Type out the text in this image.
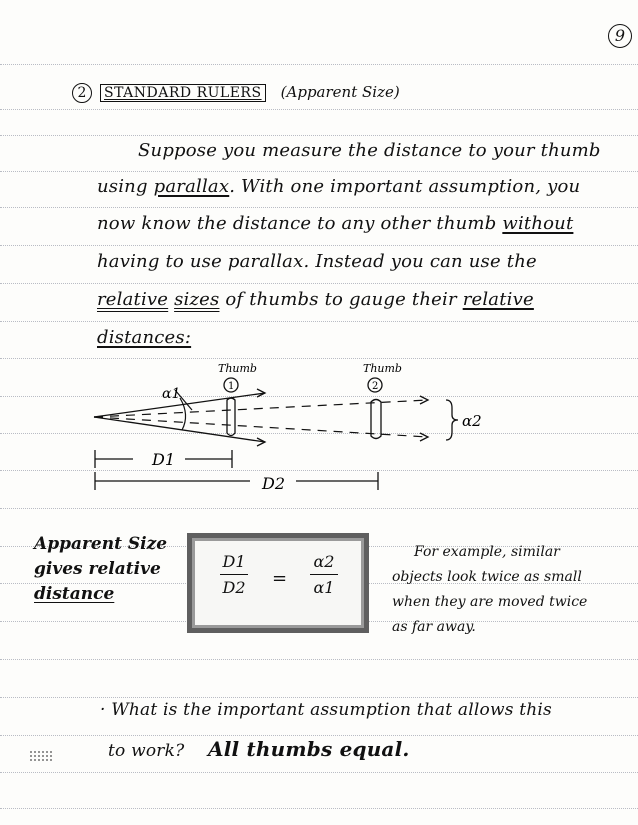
9
2 STANDARD RULERS (Apparent Size)
Suppose you measure the distance to your thumb
using parallax. With one important assumption, you
now know the distance to any other thumb without
having to use parallax. Instead you can use the
relative sizes of thumbs to gauge their relative
distances:
Thumb
1
Thumb
2
α1
α2
D1
D2
Apparent Size
gives relative
distance
D1
D2 =
α2
α1
For example, similar
objects look twice as small
when they are moved twice
as far away.
· What is the important assumption that allows this
to work? All thumbs equal.
